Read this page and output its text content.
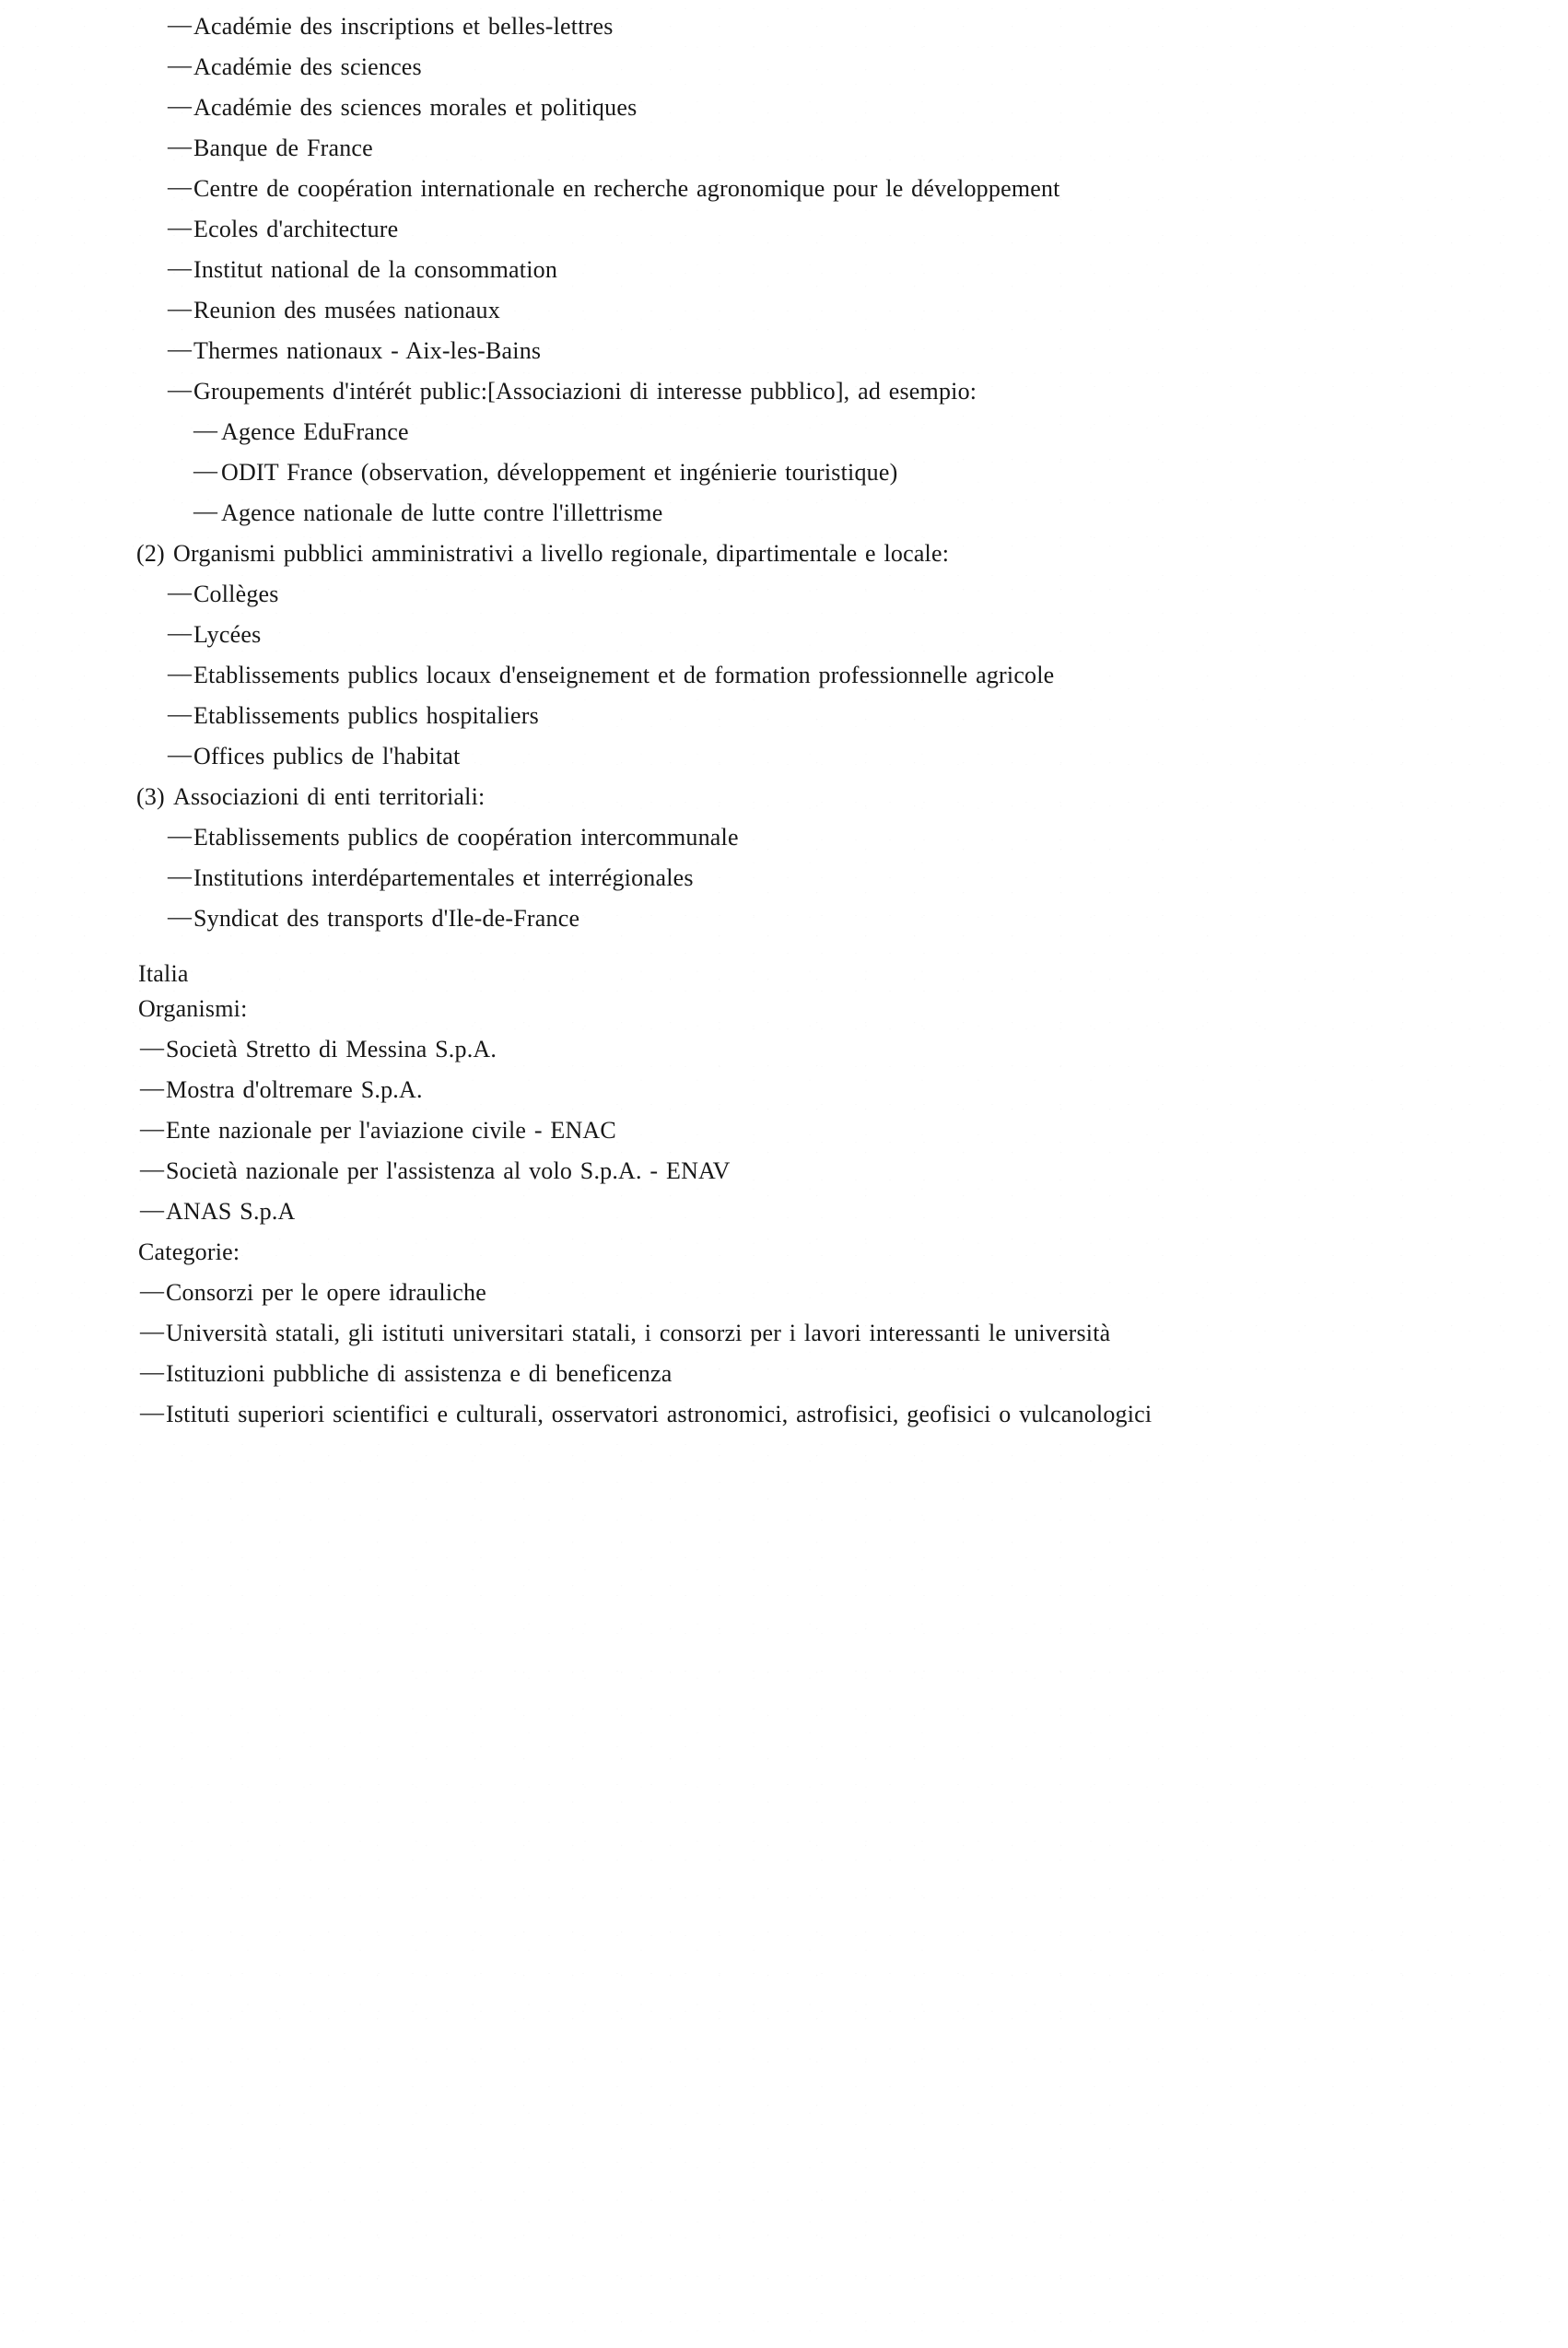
— Académie des inscriptions et belles-lettres
— Académie des sciences
— Académie des sciences morales et politiques
— Banque de France
— Centre de coopération internationale en recherche agronomique pour le développement
— Ecoles d'architecture
— Institut national de la consommation
— Reunion des musées nationaux
— Thermes nationaux - Aix-les-Bains
— Groupements d'intérét public:[Associazioni di interesse pubblico], ad esempio:
— Agence EduFrance
— ODIT France (observation, développement et ingénierie touristique)
— Agence nationale de lutte contre l'illettrisme
(2) Organismi pubblici amministrativi a livello regionale, dipartimentale e locale:
— Collèges
— Lycées
— Etablissements publics locaux d'enseignement et de formation professionnelle agricole
— Etablissements publics hospitaliers
— Offices publics de l'habitat
(3) Associazioni di enti territoriali:
— Etablissements publics de coopération intercommunale
— Institutions interdépartementales et interrégionales
— Syndicat des transports d'Ile-de-France
Italia
Organismi:
— Società Stretto di Messina S.p.A.
— Mostra d'oltremare S.p.A.
— Ente nazionale per l'aviazione civile - ENAC
— Società nazionale per l'assistenza al volo S.p.A. - ENAV
— ANAS S.p.A
Categorie:
— Consorzi per le opere idrauliche
— Università statali, gli istituti universitari statali, i consorzi per i lavori interessanti le università
— Istituzioni pubbliche di assistenza e di beneficenza
— Istituti superiori scientifici e culturali, osservatori astronomici, astrofisici, geofisici o vulcanologici
